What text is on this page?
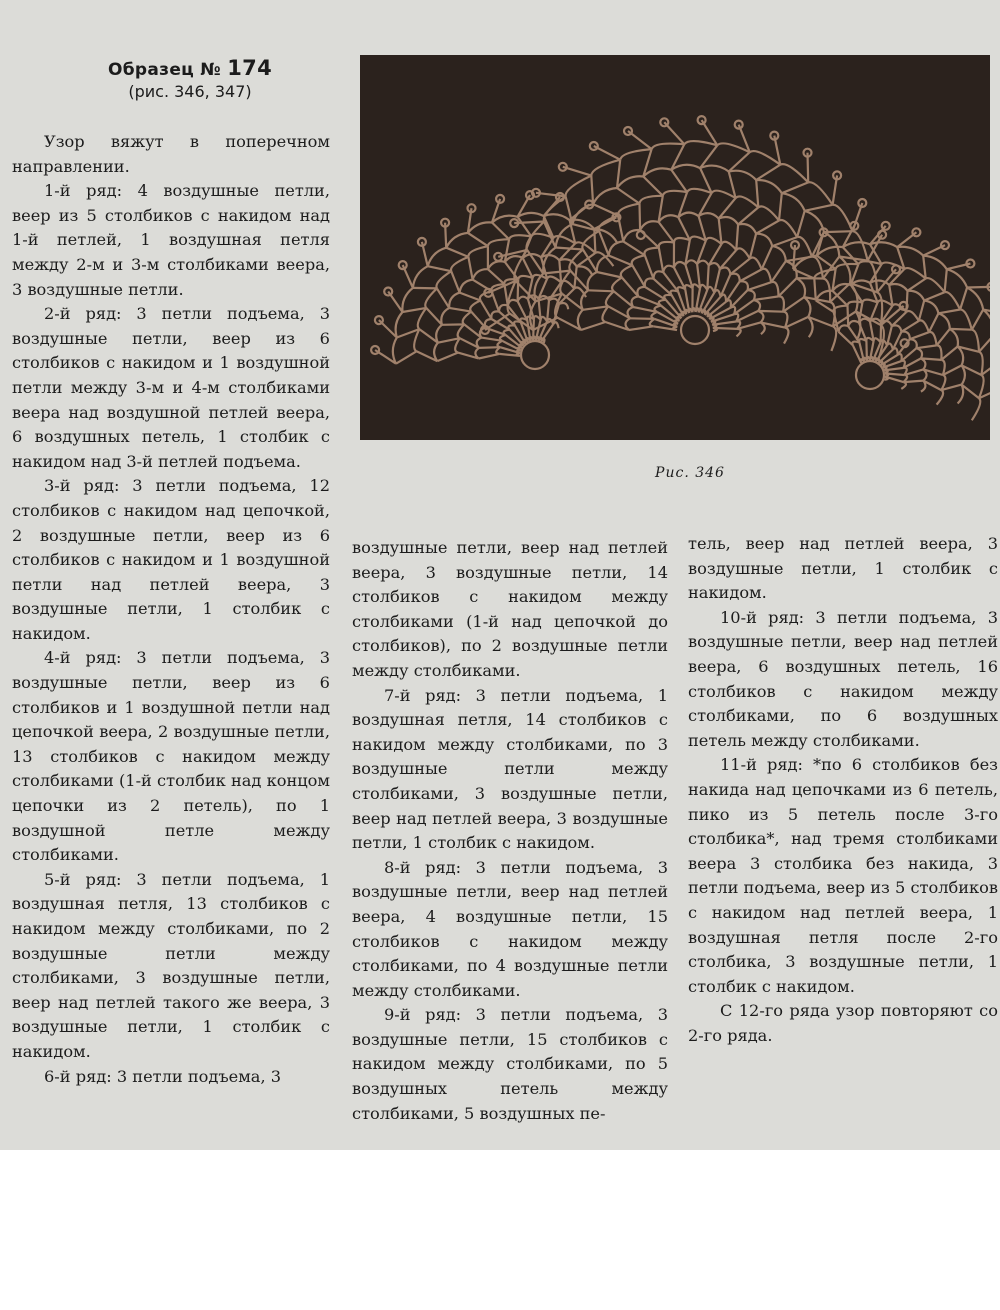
Образец № 174
(рис. 346, 347)
Рис. 346

Узор вяжут в поперечном направлении.

1-й ряд: 4 воздушные петли, веер из 5 столбиков с накидом над 1-й петлей, 1 воздушная петля между 2-м и 3-м столбиками веера, 3 воздушные петли.

2-й ряд: 3 петли подъема, 3 воздушные петли, веер из 6 столбиков с накидом и 1 воздушной петли между 3-м и 4-м столбиками веера над воздушной петлей веера, 6 воздушных петель, 1 столбик с накидом над 3-й петлей подъема.

3-й ряд: 3 петли подъема, 12 столбиков с накидом над цепочкой, 2 воздушные петли, веер из 6 столбиков с накидом и 1 воздушной петли над петлей веера, 3 воздушные петли, 1 столбик с накидом.

4-й ряд: 3 петли подъема, 3 воздушные петли, веер из 6 столбиков и 1 воздушной петли над цепочкой веера, 2 воздушные петли, 13 столбиков с накидом между столбиками (1-й столбик над концом цепочки из 2 петель), по 1 воздушной петле между столбиками.

5-й ряд: 3 петли подъема, 1 воздушная петля, 13 столбиков с накидом между столбиками, по 2 воздушные петли между столбиками, 3 воздушные петли, веер над петлей такого же веера, 3 воздушные петли, 1 столбик с накидом.

6-й ряд: 3 петли подъема, 3

воздушные петли, веер над петлей веера, 3 воздушные петли, 14 столбиков с накидом между столбиками (1-й над цепочкой до столбиков), по 2 воздушные петли между столбиками.

7-й ряд: 3 петли подъема, 1 воздушная петля, 14 столбиков с накидом между столбиками, по 3 воздушные петли между столбиками, 3 воздушные петли, веер над петлей веера, 3 воздушные петли, 1 столбик с накидом.

8-й ряд: 3 петли подъема, 3 воздушные петли, веер над петлей веера, 4 воздушные петли, 15 столбиков с накидом между столбиками, по 4 воздушные петли между столбиками.

9-й ряд: 3 петли подъема, 3 воздушные петли, 15 столбиков с накидом между столбиками, по 5 воздушных петель между столбиками, 5 воздушных пе-

тель, веер над петлей веера, 3 воздушные петли, 1 столбик с накидом.

10-й ряд: 3 петли подъема, 3 воздушные петли, веер над петлей веера, 6 воздушных петель, 16 столбиков с накидом между столбиками, по 6 воздушных петель между столбиками.

11-й ряд: *по 6 столбиков без накида над цепочками из 6 петель, пико из 5 петель после 3-го столбика*, над тремя столбиками веера 3 столбика без накида, 3 петли подъема, веер из 5 столбиков с накидом над петлей веера, 1 воздушная петля после 2-го столбика, 3 воздушные петли, 1 столбик с накидом.

С 12-го ряда узор повторяют со 2-го ряда.
